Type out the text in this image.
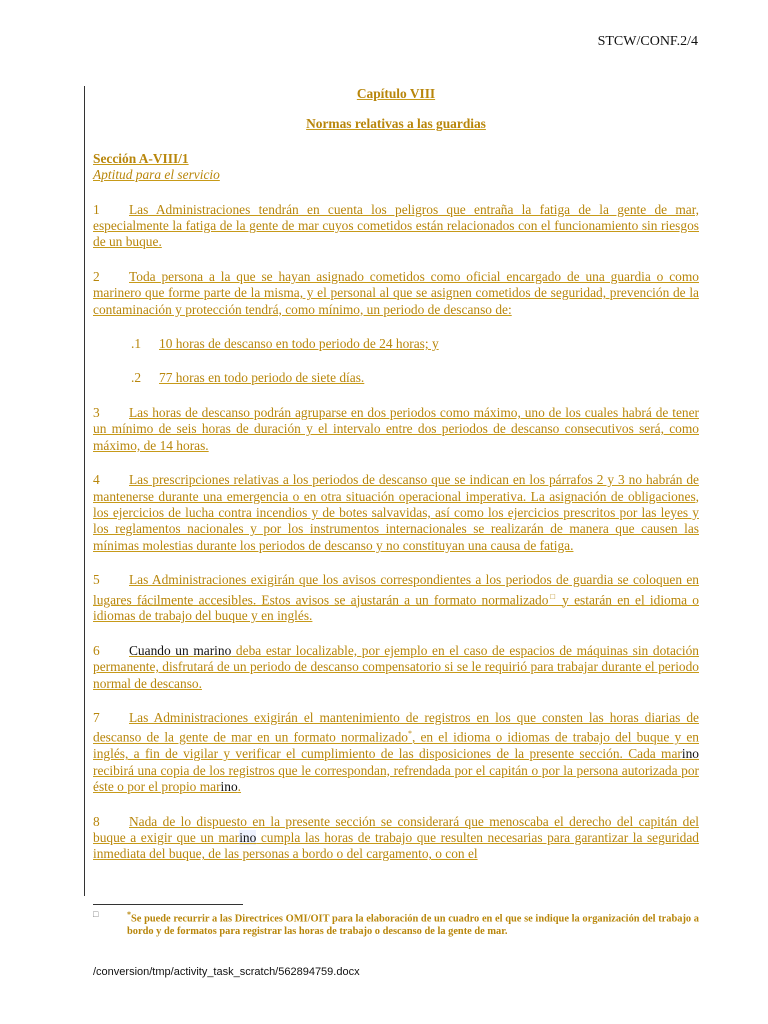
STCW/CONF.2/4
Capítulo VIII
Normas relativas a las guardias
Sección A-VIII/1
Aptitud para el servicio
1 Las Administraciones tendrán en cuenta los peligros que entraña la fatiga de la gente de mar, especialmente la fatiga de la gente de mar cuyos cometidos están relacionados con el funcionamiento sin riesgos de un buque.
2 Toda persona a la que se hayan asignado cometidos como oficial encargado de una guardia o como marinero que forme parte de la misma, y el personal al que se asignen cometidos de seguridad, prevención de la contaminación y protección tendrá, como mínimo, un periodo de descanso de:
.1 10 horas de descanso en todo periodo de 24 horas; y
.2 77 horas en todo periodo de siete días.
3 Las horas de descanso podrán agruparse en dos periodos como máximo, uno de los cuales habrá de tener un mínimo de seis horas de duración y el intervalo entre dos periodos de descanso consecutivos será, como máximo, de 14 horas.
4 Las prescripciones relativas a los periodos de descanso que se indican en los párrafos 2 y 3 no habrán de mantenerse durante una emergencia o en otra situación operacional imperativa. La asignación de obligaciones, los ejercicios de lucha contra incendios y de botes salvavidas, así como los ejercicios prescritos por las leyes y los reglamentos nacionales y por los instrumentos internacionales se realizarán de manera que causen las mínimas molestias durante los periodos de descanso y no constituyan una causa de fatiga.
5 Las Administraciones exigirán que los avisos correspondientes a los periodos de guardia se coloquen en lugares fácilmente accesibles. Estos avisos se ajustarán a un formato normalizado□ y estarán en el idioma o idiomas de trabajo del buque y en inglés.
6 Cuando un marino deba estar localizable, por ejemplo en el caso de espacios de máquinas sin dotación permanente, disfrutará de un periodo de descanso compensatorio si se le requirió para trabajar durante el periodo normal de descanso.
7 Las Administraciones exigirán el mantenimiento de registros en los que consten las horas diarias de descanso de la gente de mar en un formato normalizado*, en el idioma o idiomas de trabajo del buque y en inglés, a fin de vigilar y verificar el cumplimiento de las disposiciones de la presente sección. Cada marino recibirá una copia de los registros que le correspondan, refrendada por el capitán o por la persona autorizada por éste o por el propio marino.
8 Nada de lo dispuesto en la presente sección se considerará que menoscaba el derecho del capitán del buque a exigir que un marino cumpla las horas de trabajo que resulten necesarias para garantizar la seguridad inmediata del buque, de las personas a bordo o del cargamento, o con el
□	*Se puede recurrir a las Directrices OMI/OIT para la elaboración de un cuadro en el que se indique la organización del trabajo a bordo y de formatos para registrar las horas de trabajo o descanso de la gente de mar.
/conversion/tmp/activity_task_scratch/562894759.docx
